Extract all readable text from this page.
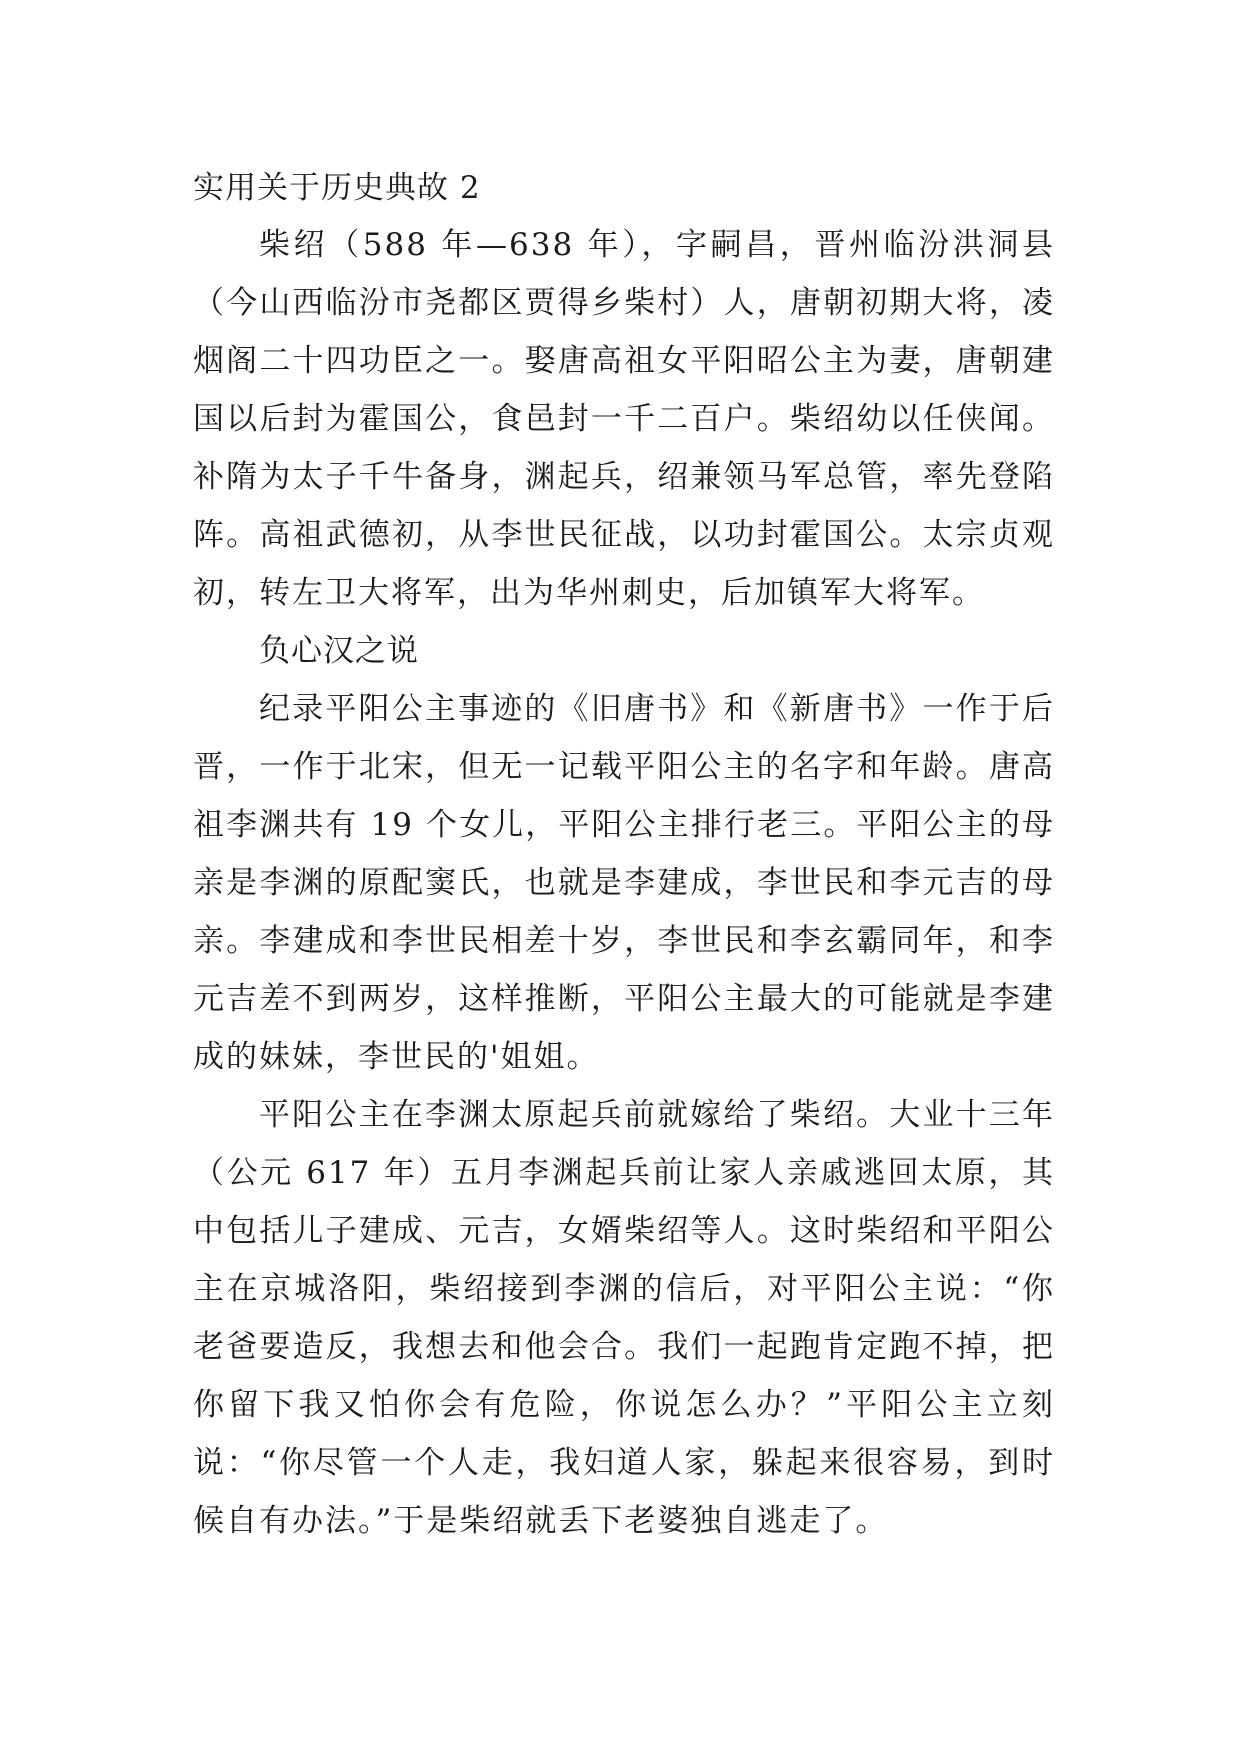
实用关于历史典故 2

柴绍（588 年—638 年），字嗣昌，晋州临汾洪洞县（今山西临汾市尧都区贾得乡柴村）人，唐朝初期大将，凌烟阁二十四功臣之一。娶唐高祖女平阳昭公主为妻，唐朝建国以后封为霍国公，食邑封一千二百户。柴绍幼以任侠闻。补隋为太子千牛备身，渊起兵，绍兼领马军总管，率先登陷阵。高祖武德初，从李世民征战，以功封霍国公。太宗贞观初，转左卫大将军，出为华州刺史，后加镇军大将军。

负心汉之说

纪录平阳公主事迹的《旧唐书》和《新唐书》一作于后晋，一作于北宋，但无一记载平阳公主的名字和年龄。唐高祖李渊共有 19 个女儿，平阳公主排行老三。平阳公主的母亲是李渊的原配窦氏，也就是李建成，李世民和李元吉的母亲。李建成和李世民相差十岁，李世民和李玄霸同年，和李元吉差不到两岁，这样推断，平阳公主最大的可能就是李建成的妹妹，李世民的'姐姐。

平阳公主在李渊太原起兵前就嫁给了柴绍。大业十三年（公元 617 年）五月李渊起兵前让家人亲戚逃回太原，其中包括儿子建成、元吉，女婿柴绍等人。这时柴绍和平阳公主在京城洛阳，柴绍接到李渊的信后，对平阳公主说：“你老爸要造反，我想去和他会合。我们一起跑肯定跑不掉，把你留下我又怕你会有危险，你说怎么办？”平阳公主立刻说：“你尽管一个人走，我妇道人家，躲起来很容易，到时候自有办法。”于是柴绍就丢下老婆独自逃走了。
